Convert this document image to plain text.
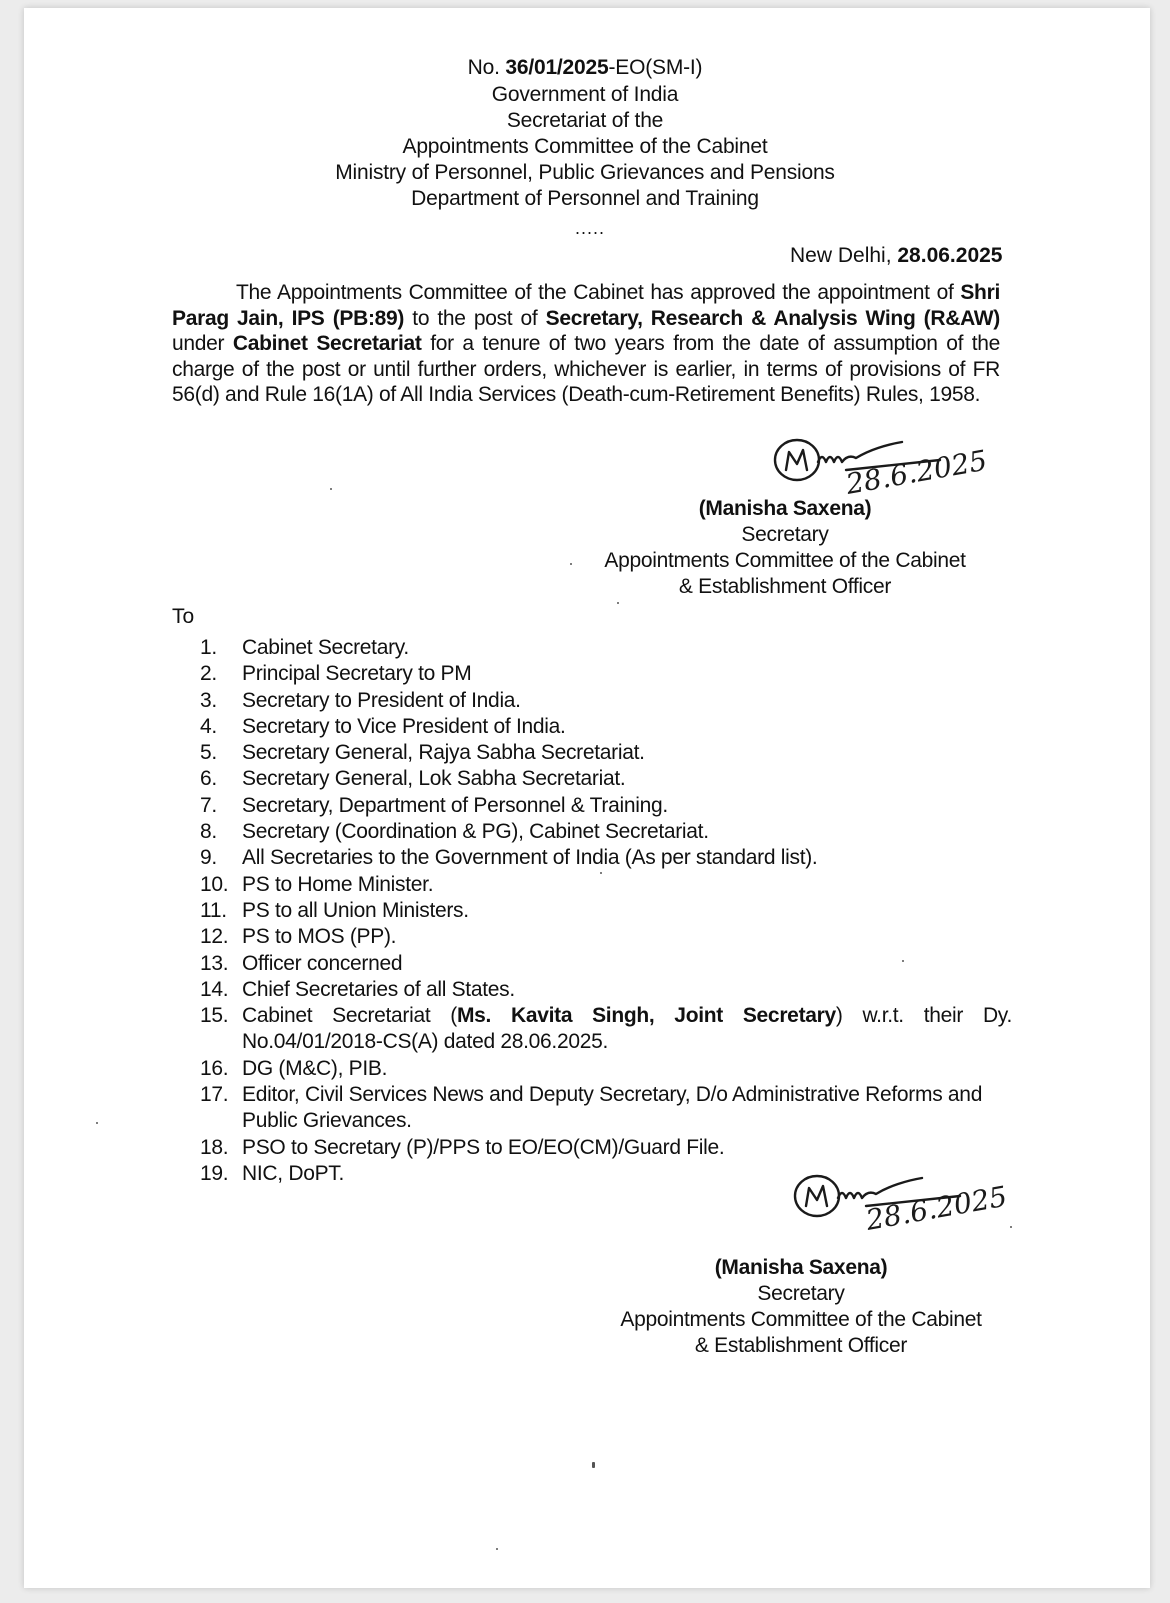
No. 36/01/2025-EO(SM-I)
Government of India
Secretariat of the
Appointments Committee of the Cabinet
Ministry of Personnel, Public Grievances and Pensions
Department of Personnel and Training
.....
New Delhi, 28.06.2025
The Appointments Committee of the Cabinet has approved the appointment of Shri Parag Jain, IPS (PB:89) to the post of Secretary, Research & Analysis Wing (R&AW) under Cabinet Secretariat for a tenure of two years from the date of assumption of the charge of the post or until further orders, whichever is earlier, in terms of provisions of FR 56(d) and Rule 16(1A) of All India Services (Death-cum-Retirement Benefits) Rules, 1958.
28.6.2025
(Manisha Saxena)
Secretary
Appointments Committee of the Cabinet
& Establishment Officer
To
1.	Cabinet Secretary.
2.	Principal Secretary to PM
3.	Secretary to President of India.
4.	Secretary to Vice President of India.
5.	Secretary General, Rajya Sabha Secretariat.
6.	Secretary General, Lok Sabha Secretariat.
7.	Secretary, Department of Personnel & Training.
8.	Secretary (Coordination & PG), Cabinet Secretariat.
9.	All Secretaries to the Government of India (As per standard list).
10. PS to Home Minister.
11. PS to all Union Ministers.
12. PS to MOS (PP).
13. Officer concerned
14. Chief Secretaries of all States.
15. Cabinet Secretariat (Ms. Kavita Singh, Joint Secretary) w.r.t. their Dy. No.04/01/2018-CS(A) dated 28.06.2025.
16. DG (M&C), PIB.
17. Editor, Civil Services News and Deputy Secretary, D/o Administrative Reforms and Public Grievances.
18. PSO to Secretary (P)/PPS to EO/EO(CM)/Guard File.
19. NIC, DoPT.
28.6.2025
(Manisha Saxena)
Secretary
Appointments Committee of the Cabinet
& Establishment Officer
